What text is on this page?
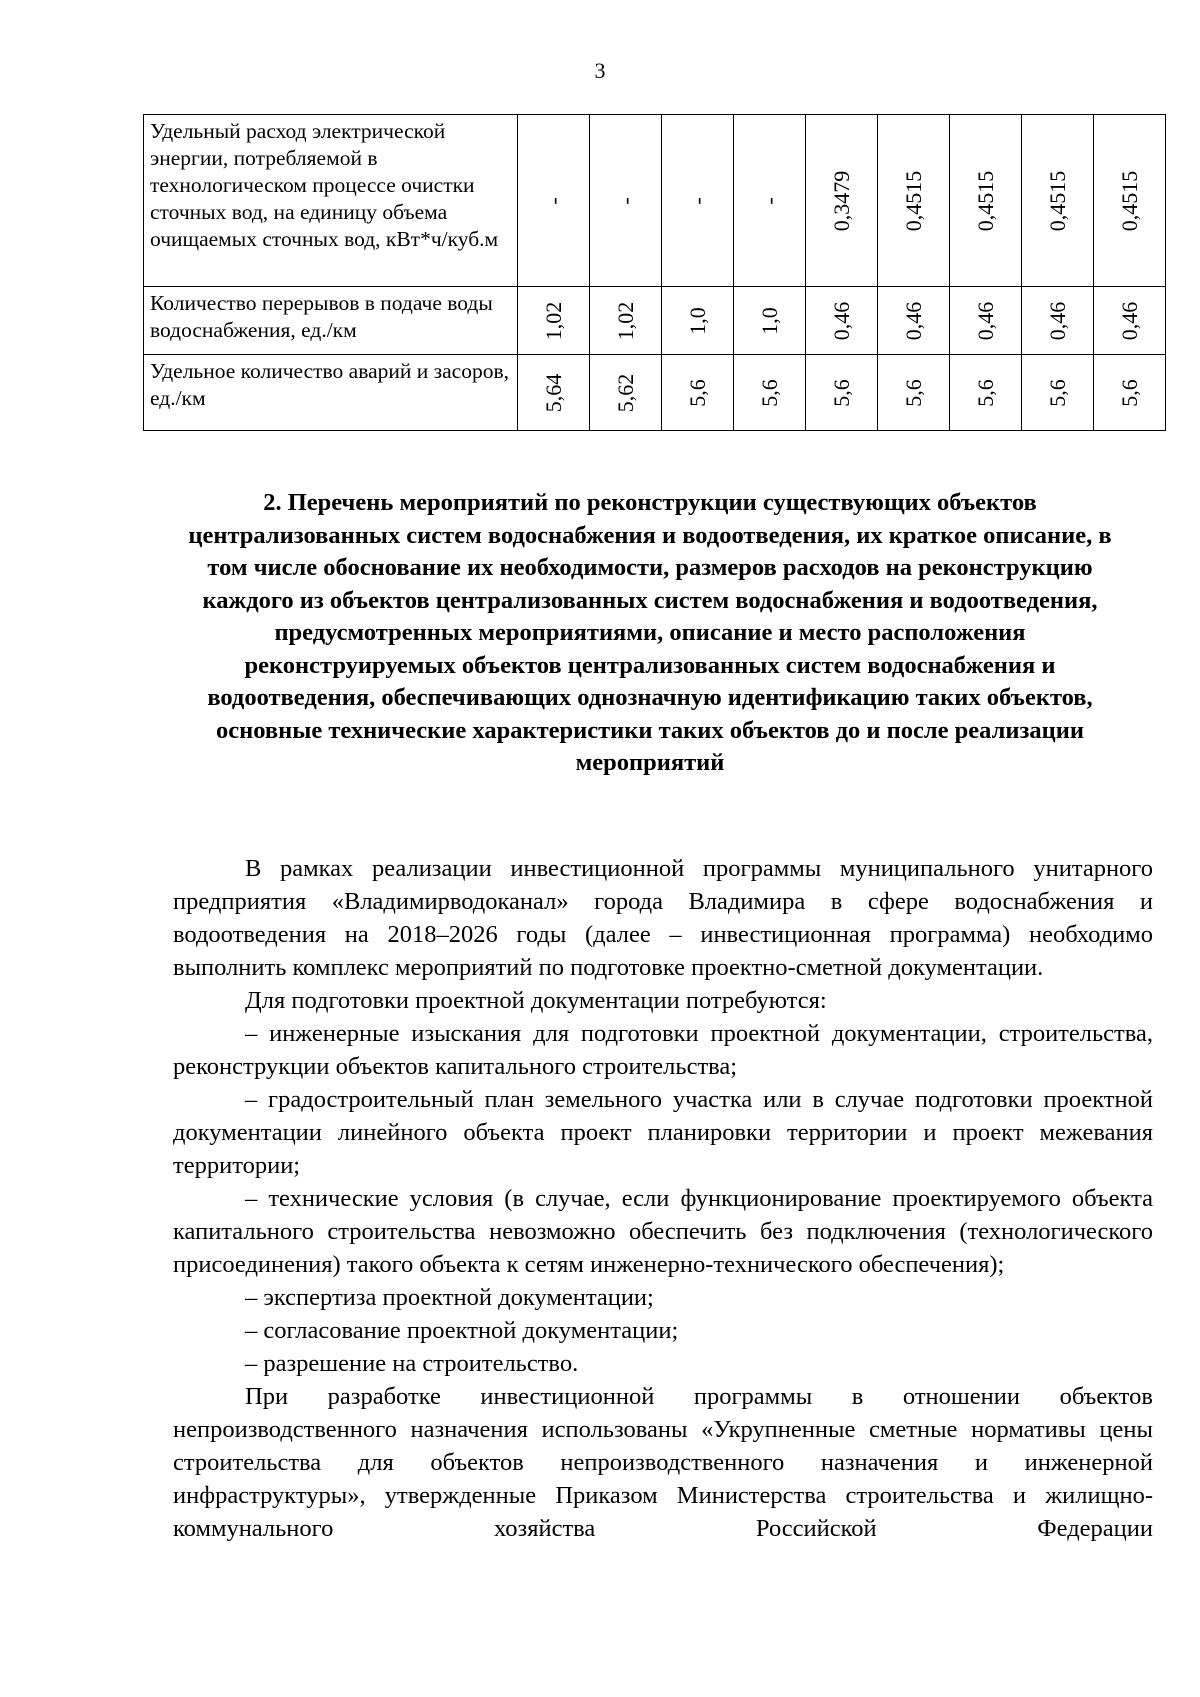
3
Удельный расход электрической энергии, потребляемой в технологическом процессе очистки сточных вод, на единицу объема очищаемых сточных вод, кВт*ч/куб.м	-	-	-	-	0,3479	0,4515	0,4515	0,4515	0,4515

Количество перерывов в подаче воды водоснабжения, ед./км	1,02	1,02	1,0	1,0	0,46	0,46	0,46	0,46	0,46

Удельное количество аварий и засоров, ед./км	5,64	5,62	5,6	5,6	5,6	5,6	5,6	5,6	5,6
2. Перечень мероприятий по реконструкции существующих объектов централизованных систем водоснабжения и водоотведения, их краткое описание, в том числе обоснование их необходимости, размеров расходов на реконструкцию каждого из объектов централизованных систем водоснабжения и водоотведения, предусмотренных мероприятиями, описание и место расположения реконструируемых объектов централизованных систем водоснабжения и водоотведения, обеспечивающих однозначную идентификацию таких объектов, основные технические характеристики таких объектов до и после реализации мероприятий

В рамках реализации инвестиционной программы муниципального унитарного предприятия «Владимирводоканал» города Владимира в сфере водоснабжения и водоотведения на 2018–2026 годы (далее – инвестиционная программа) необходимо выполнить комплекс мероприятий по подготовке проектно-сметной документации.

Для подготовки проектной документации потребуются:

– инженерные изыскания для подготовки проектной документации, строительства, реконструкции объектов капитального строительства;

– градостроительный план земельного участка или в случае подготовки проектной документации линейного объекта проект планировки территории и проект межевания территории;

– технические условия (в случае, если функционирование проектируемого объекта капитального строительства невозможно обеспечить без подключения (технологического присоединения) такого объекта к сетям инженерно-технического обеспечения);

– экспертиза проектной документации;

– согласование проектной документации;

– разрешение на строительство.

При разработке инвестиционной программы в отношении объектов непроизводственного назначения использованы «Укрупненные сметные нормативы цены строительства для объектов непроизводственного назначения и инженерной инфраструктуры», утвержденные Приказом Министерства строительства и жилищно-коммунального хозяйства Российской Федерации
